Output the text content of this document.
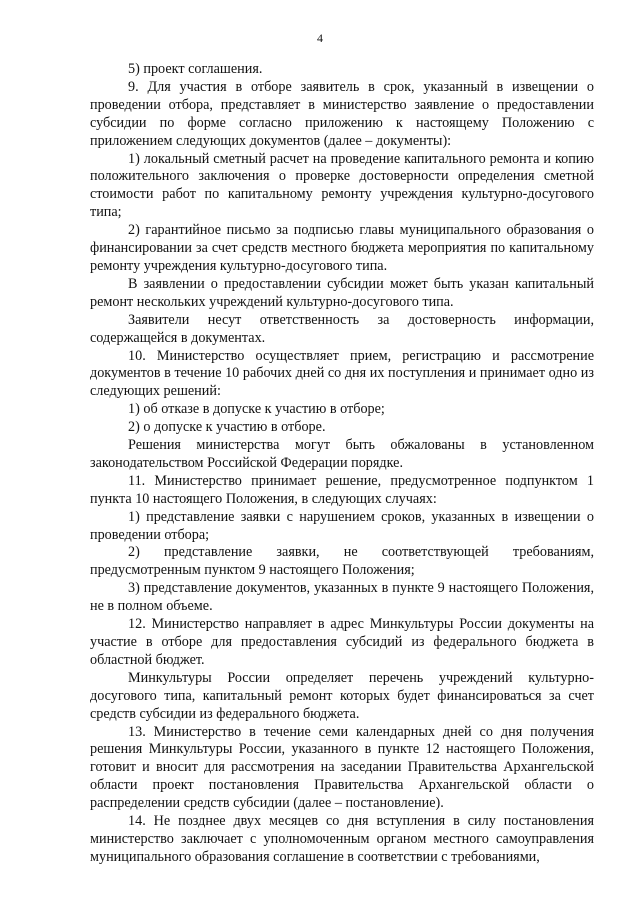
4

5) проект соглашения.

9. Для участия в отборе заявитель в срок, указанный в извещении о проведении отбора, представляет в министерство заявление о предоставлении субсидии по форме согласно приложению к настоящему Положению с приложением следующих документов (далее – документы):

1) локальный сметный расчет на проведение капитального ремонта и копию положительного заключения о проверке достоверности определения сметной стоимости работ по капитальному ремонту учреждения культурно-досугового типа;

2) гарантийное письмо за подписью главы муниципального образования о финансировании за счет средств местного бюджета мероприятия по капитальному ремонту учреждения культурно-досугового типа.

В заявлении о предоставлении субсидии может быть указан капитальный ремонт нескольких учреждений культурно-досугового типа.

Заявители несут ответственность за достоверность информации, содержащейся в документах.

10. Министерство осуществляет прием, регистрацию и рассмотрение документов в течение 10 рабочих дней со дня их поступления и принимает одно из следующих решений:

1) об отказе в допуске к участию в отборе;

2) о допуске к участию в отборе.

Решения министерства могут быть обжалованы в установленном законодательством Российской Федерации порядке.

11. Министерство принимает решение, предусмотренное подпунктом 1 пункта 10 настоящего Положения, в следующих случаях:

1) представление заявки с нарушением сроков, указанных в извещении о проведении отбора;

2) представление заявки, не соответствующей требованиям, предусмотренным пунктом 9 настоящего Положения;

3) представление документов, указанных в пункте 9 настоящего Положения, не в полном объеме.

12. Министерство направляет в адрес Минкультуры России документы на участие в отборе для предоставления субсидий из федерального бюджета в областной бюджет.

Минкультуры России определяет перечень учреждений культурно-досугового типа, капитальный ремонт которых будет финансироваться за счет средств субсидии из федерального бюджета.

13. Министерство в течение семи календарных дней со дня получения решения Минкультуры России, указанного в пункте 12 настоящего Положения, готовит и вносит для рассмотрения на заседании Правительства Архангельской области проект постановления Правительства Архангельской области о распределении средств субсидии (далее – постановление).

14. Не позднее двух месяцев со дня вступления в силу постановления министерство заключает с уполномоченным органом местного самоуправления муниципального образования соглашение в соответствии с требованиями,
